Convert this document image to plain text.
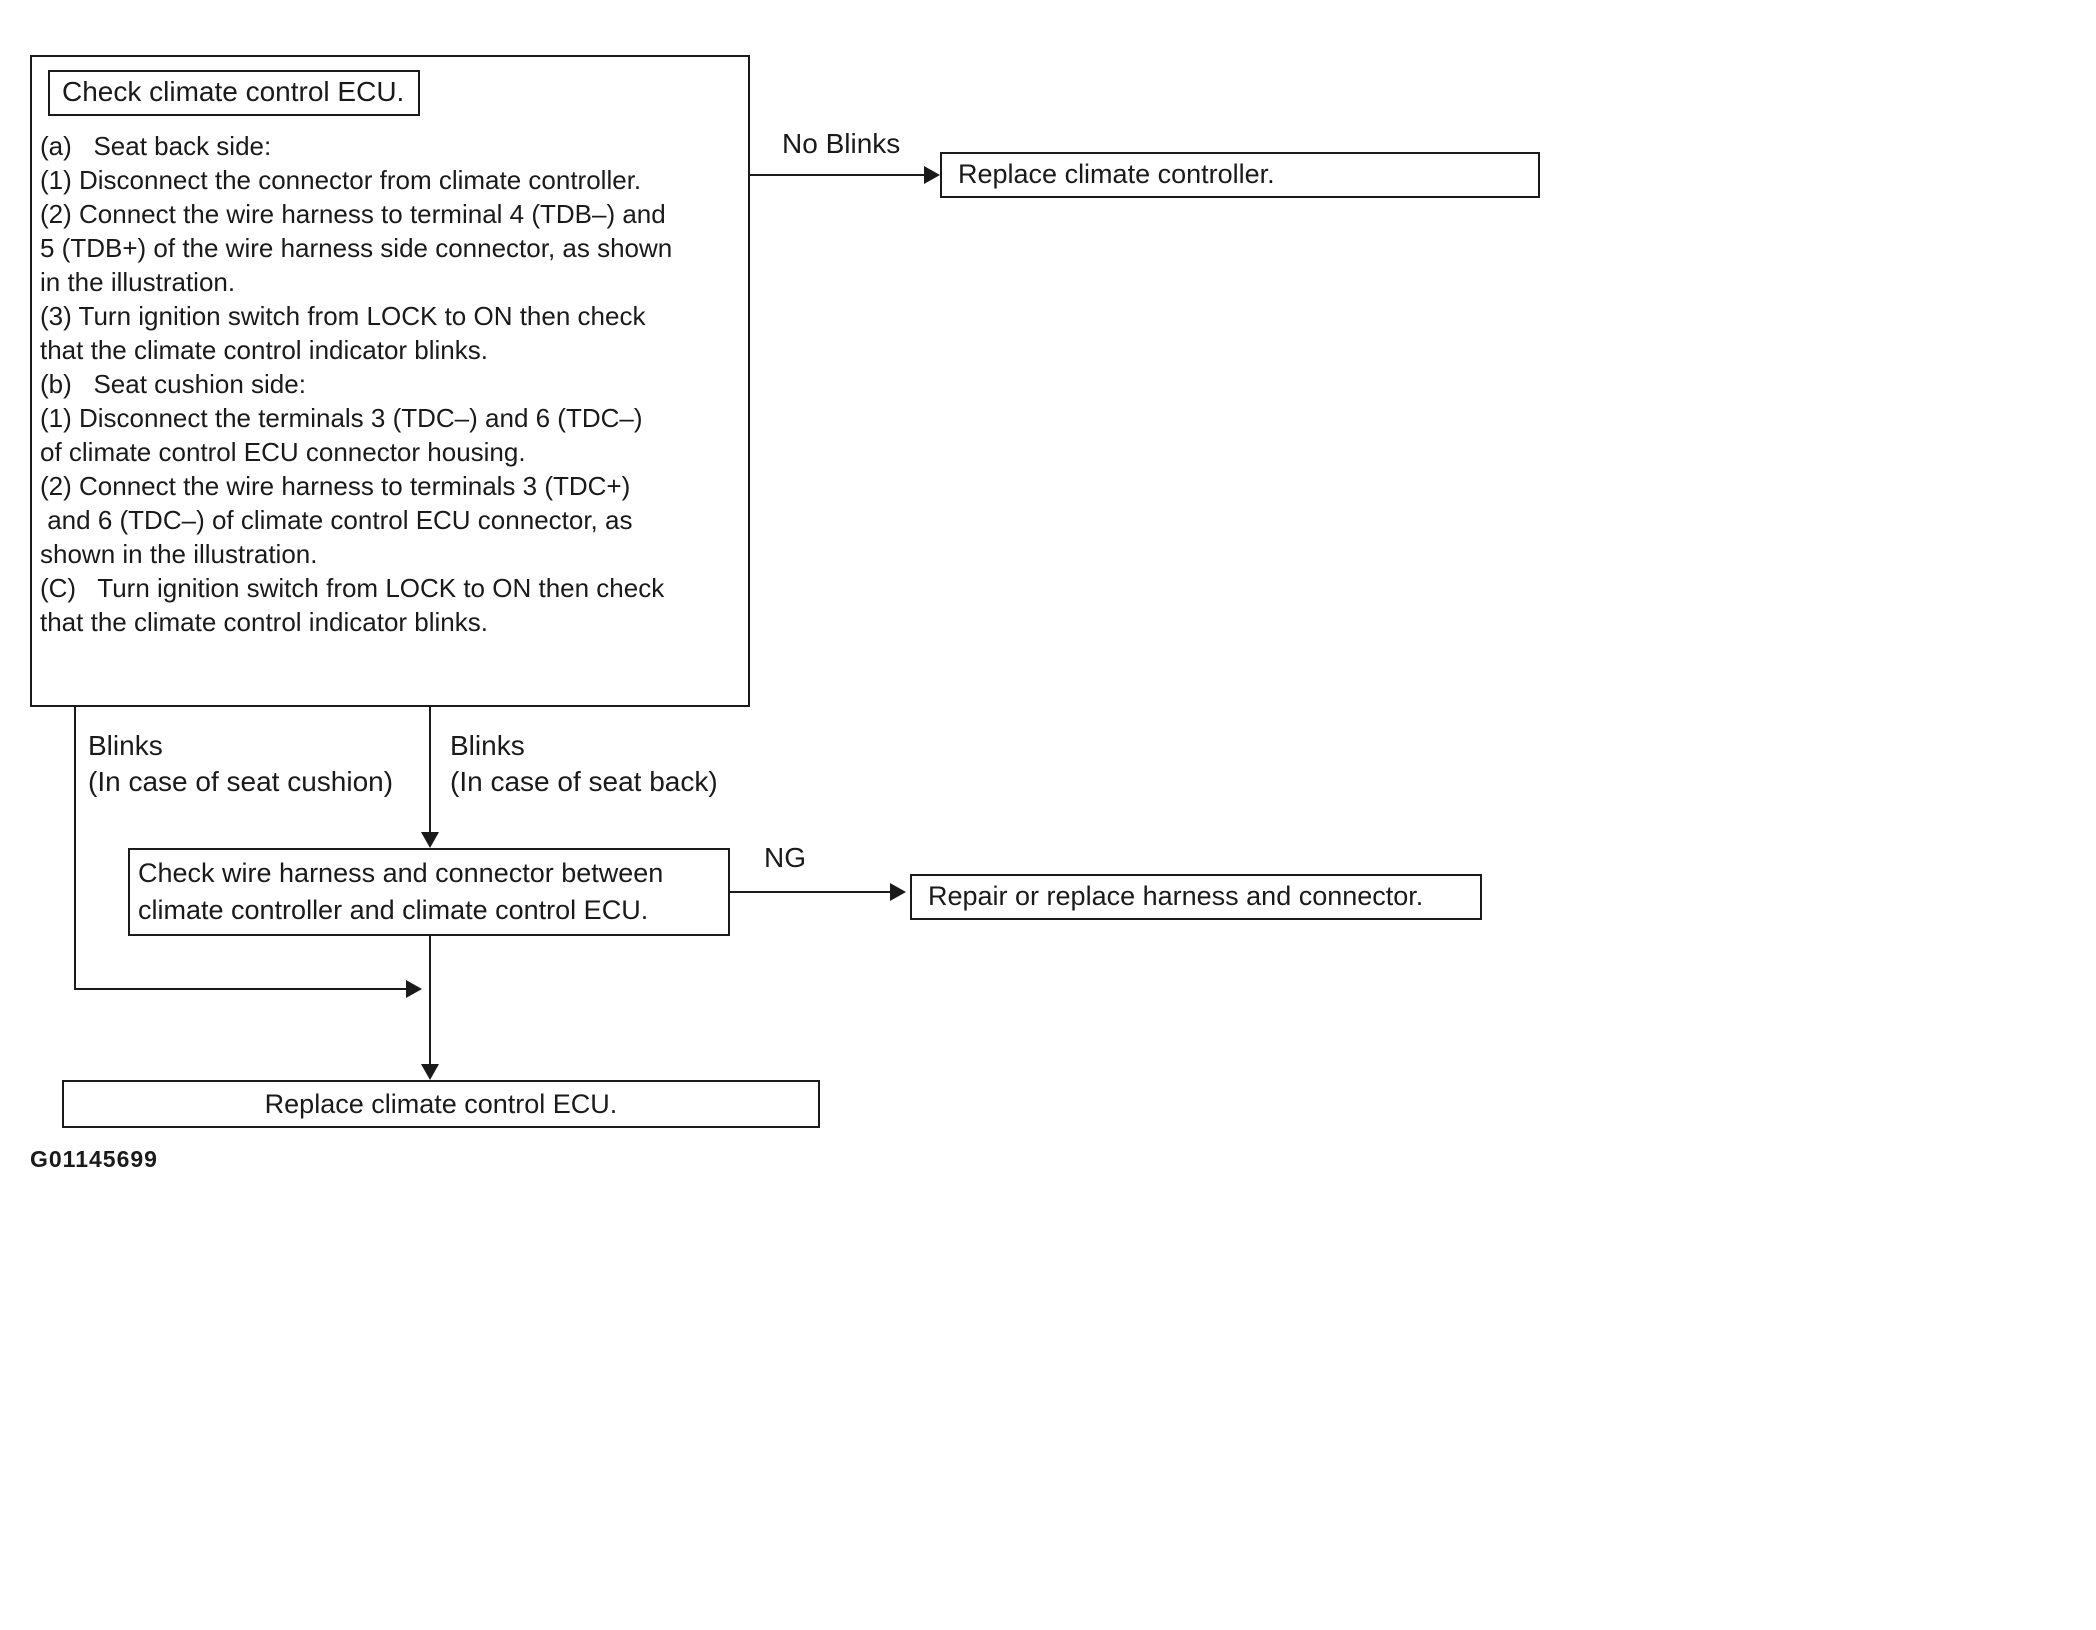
Check climate control ECU.
(a)   Seat back side:
(1) Disconnect the connector from climate controller.
(2) Connect the wire harness to terminal 4 (TDB–) and
5 (TDB+) of the wire harness side connector, as shown
in the illustration.
(3) Turn ignition switch from LOCK to ON then check
that the climate control indicator blinks.
(b)   Seat cushion side:
(1) Disconnect the terminals 3 (TDC–) and 6 (TDC–)
of climate control ECU connector housing.
(2) Connect the wire harness to terminals 3 (TDC+)
and 6 (TDC–) of climate control ECU connector, as
shown in the illustration.
(C)   Turn ignition switch from LOCK to ON then check
that the climate control indicator blinks.
No Blinks
Replace climate controller.
Blinks
(In case of seat cushion)
Blinks
(In case of seat back)
Check wire harness and connector between
climate controller and climate control ECU.
NG
Repair or replace harness and connector.
Replace climate control ECU.
G01145699
